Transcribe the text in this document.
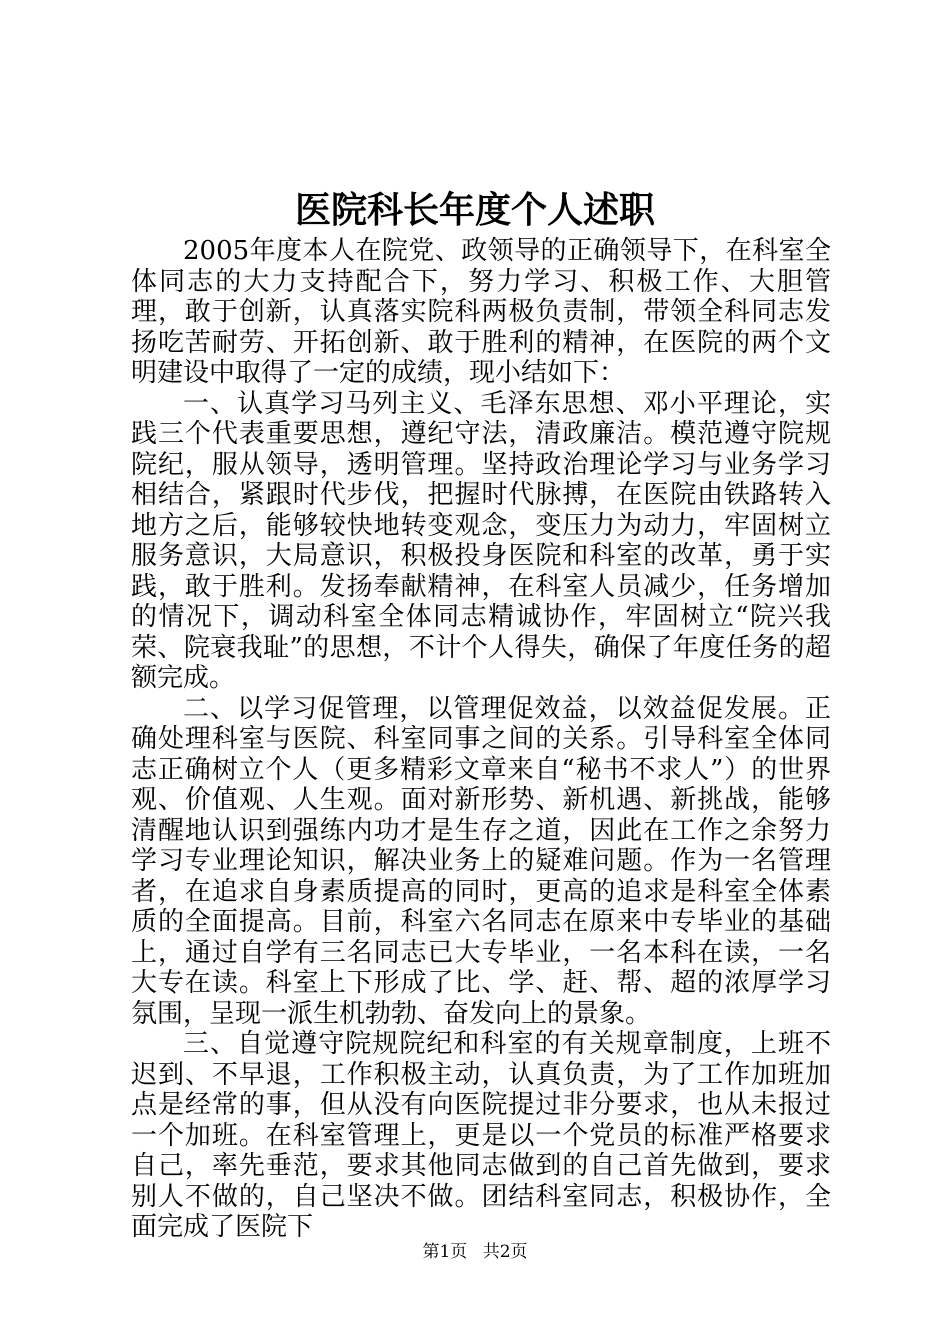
医院科长年度个人述职

2005年度本人在院党、政领导的正确领导下，在科室全体同志的大力支持配合下，努力学习、积极工作、大胆管理，敢于创新，认真落实院科两极负责制，带领全科同志发扬吃苦耐劳、开拓创新、敢于胜利的精神，在医院的两个文明建设中取得了一定的成绩，现小结如下：

一、认真学习马列主义、毛泽东思想、邓小平理论，实践三个代表重要思想，遵纪守法，清政廉洁。模范遵守院规院纪，服从领导，透明管理。坚持政治理论学习与业务学习相结合，紧跟时代步伐，把握时代脉搏，在医院由铁路转入地方之后，能够较快地转变观念，变压力为动力，牢固树立服务意识，大局意识，积极投身医院和科室的改革，勇于实践，敢于胜利。发扬奉献精神，在科室人员减少，任务增加的情况下，调动科室全体同志精诚协作，牢固树立“院兴我荣、院衰我耻”的思想，不计个人得失，确保了年度任务的超额完成。

二、以学习促管理，以管理促效益，以效益促发展。正确处理科室与医院、科室同事之间的关系。引导科室全体同志正确树立个人（更多精彩文章来自“秘书不求人”）的世界观、价值观、人生观。面对新形势、新机遇、新挑战，能够清醒地认识到强练内功才是生存之道，因此在工作之余努力学习专业理论知识，解决业务上的疑难问题。作为一名管理者，在追求自身素质提高的同时，更高的追求是科室全体素质的全面提高。目前，科室六名同志在原来中专毕业的基础上，通过自学有三名同志已大专毕业，一名本科在读，一名大专在读。科室上下形成了比、学、赶、帮、超的浓厚学习氛围，呈现一派生机勃勃、奋发向上的景象。

三、自觉遵守院规院纪和科室的有关规章制度，上班不迟到、不早退，工作积极主动，认真负责，为了工作加班加点是经常的事，但从没有向医院提过非分要求，也从未报过一个加班。在科室管理上，更是以一个党员的标准严格要求自己，率先垂范，要求其他同志做到的自己首先做到，要求别人不做的，自己坚决不做。团结科室同志，积极协作，全面完成了医院下

第1页 共2页
